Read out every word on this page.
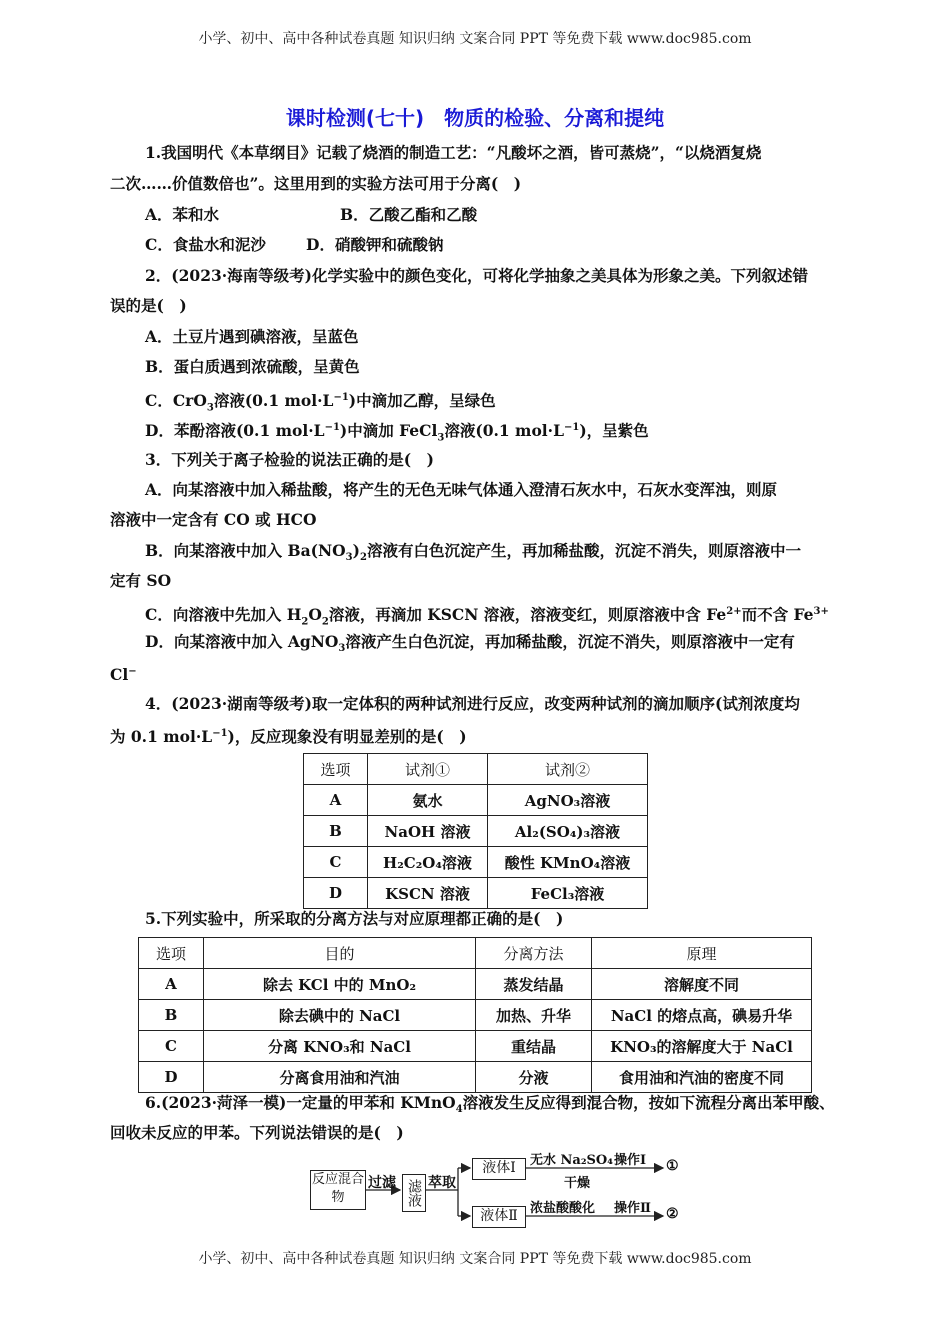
小学、初中、高中各种试卷真题 知识归纳 文案合同 PPT 等免费下载 www.doc985.com
课时检测(七十)　物质的检验、分离和提纯
1.我国明代《本草纲目》记载了烧酒的制造工艺：“凡酸坏之酒，皆可蒸烧”，“以烧酒复烧
二次……价值数倍也”。这里用到的实验方法可用于分离(　)
A．苯和水	B．乙酸乙酯和乙酸
C．食盐水和泥沙	D．硝酸钾和硫酸钠
2．(2023·海南等级考)化学实验中的颜色变化，可将化学抽象之美具体为形象之美。下列叙述错
误的是(　)
A．土豆片遇到碘溶液，呈蓝色
B．蛋白质遇到浓硫酸，呈黄色
C．CrO$_3$溶液(0.1 $mol\cdot L^{-1}$)中滴加乙醇，呈绿色
D．苯酚溶液(0.1 $mol\cdot L^{-1}$)中滴加 FeCl$_3$溶液(0.1 $mol\cdot L^{-1}$)，呈紫色
3．下列关于离子检验的说法正确的是(　)
A．向某溶液中加入稀盐酸，将产生的无色无味气体通入澄清石灰水中，石灰水变浑浊，则原
溶液中一定含有 CO 或 HCO
B．向某溶液中加入 $Ba(NO_3)_2$溶液有白色沉淀产生，再加稀盐酸，沉淀不消失，则原溶液中一
定有 SO
C．向溶液中先加入 $H_2O_2$溶液，再滴加 KSCN 溶液，溶液变红，则原溶液中含 $Fe^{2+}$而不含 $Fe^{3+}$
D．向某溶液中加入 AgNO$_3$溶液产生白色沉淀，再加稀盐酸，沉淀不消失，则原溶液中一定有
Cl−
4．(2023·湖南等级考)取一定体积的两种试剂进行反应，改变两种试剂的滴加顺序(试剂浓度均
为 0.1 $mol\cdot L^{-1}$)，反应现象没有明显差别的是(　)
选项	试剂①	试剂②
A	氨水	AgNO₃溶液
B	NaOH 溶液	Al₂(SO₄)₃溶液
C	H₂C₂O₄溶液	酸性 KMnO₄溶液
D	KSCN 溶液	FeCl₃溶液
5.下列实验中，所采取的分离方法与对应原理都正确的是(　)
选项	目的	分离方法	原理
A	除去 KCl 中的 MnO₂	蒸发结晶	溶解度不同
B	除去碘中的 NaCl	加热、升华	NaCl 的熔点高，碘易升华
C	分离 KNO₃和 NaCl	重结晶	KNO₃的溶解度大于 NaCl
D	分离食用油和汽油	分液	食用油和汽油的密度不同
6.(2023·菏泽一模)一定量的甲苯和 KMnO$_4$溶液发生反应得到混合物，按如下流程分离出苯甲酸、
回收未反应的甲苯。下列说法错误的是(　)
反应混合物
过滤 滤液 萃取
液体Ⅰ
液体Ⅱ
无水 Na₂SO₄ 操作Ⅰ
干燥
①
浓盐酸酸化 操作Ⅱ ②
小学、初中、高中各种试卷真题 知识归纳 文案合同 PPT 等免费下载 www.doc985.com
